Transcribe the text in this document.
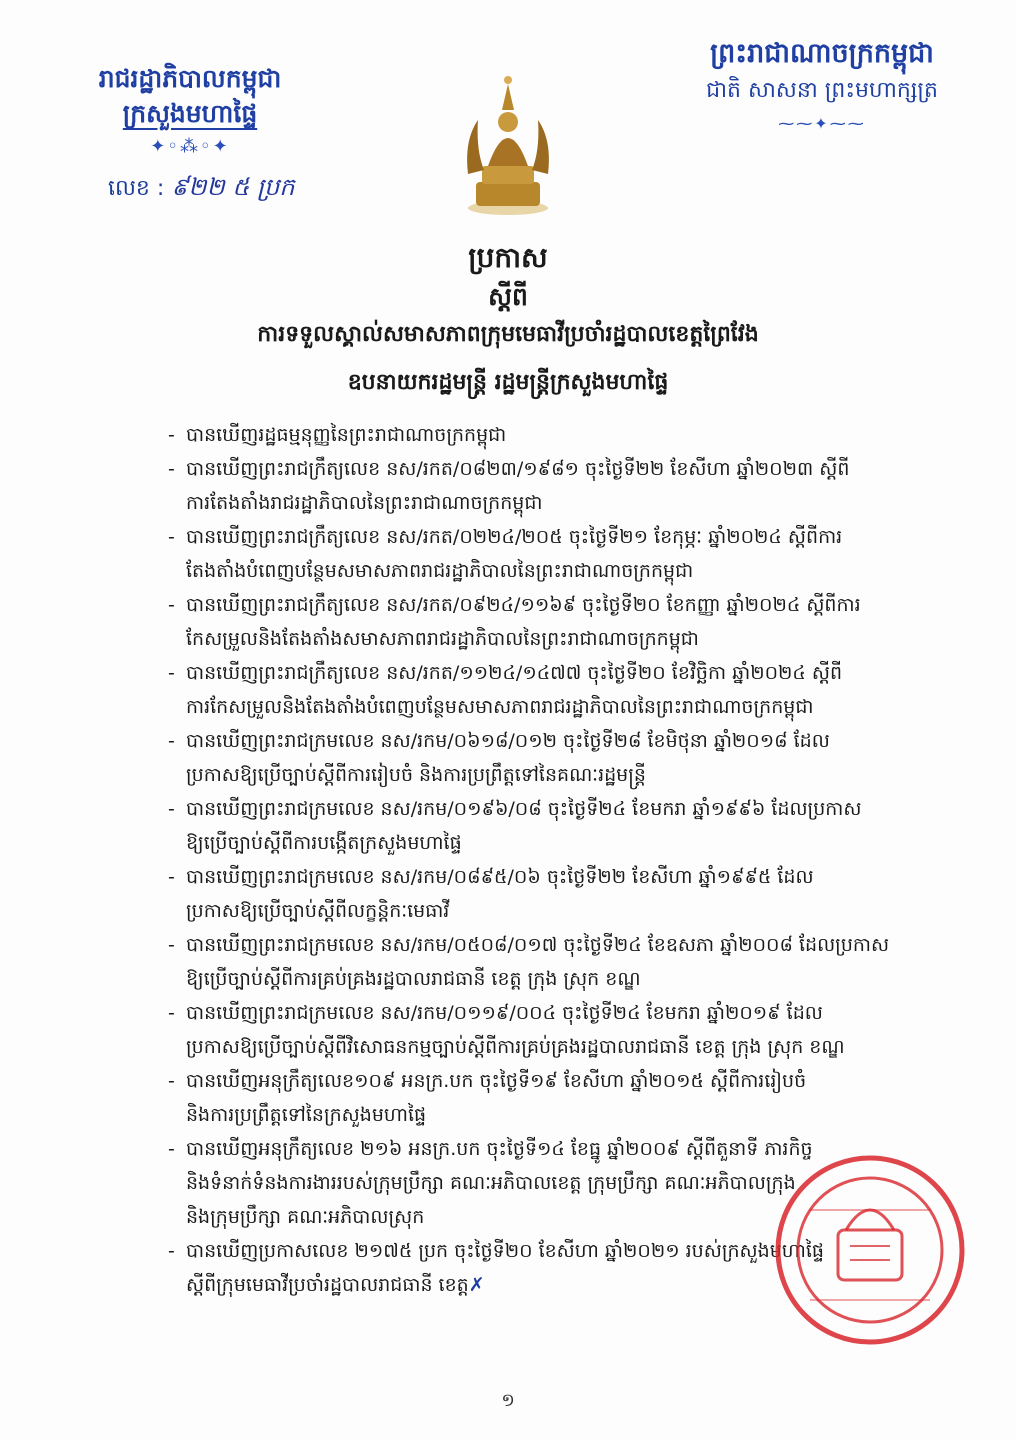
រាជរដ្ឋាភិបាលកម្ពុជា
ក្រសួងមហាផ្ទៃ
✦◦⁂◦✦
លេខ : ៩២២ ៥ ប្រក
ព្រះរាជាណាចក្រកម្ពុជា
ជាតិ សាសនា ព្រះមហាក្សត្រ
⁓⁓✦⁓⁓
ប្រកាស
ស្តីពី
ការទទួលស្គាល់សមាសភាពក្រុមមេធាវីប្រចាំរដ្ឋបាលខេត្តព្រៃវែង
ឧបនាយករដ្ឋមន្ត្រី រដ្ឋមន្ត្រីក្រសួងមហាផ្ទៃ
- បានឃើញរដ្ឋធម្មនុញ្ញនៃព្រះរាជាណាចក្រកម្ពុជា
- បានឃើញព្រះរាជក្រឹត្យលេខ នស/រកត/០៨២៣/១៩៨១ ចុះថ្ងៃទី២២ ខែសីហា ឆ្នាំ២០២៣ ស្តីពី
ការតែងតាំងរាជរដ្ឋាភិបាលនៃព្រះរាជាណាចក្រកម្ពុជា
- បានឃើញព្រះរាជក្រឹត្យលេខ នស/រកត/០២២៤/២០៥ ចុះថ្ងៃទី២១ ខែកុម្ភៈ ឆ្នាំ២០២៤ ស្តីពីការ
តែងតាំងបំពេញបន្ថែមសមាសភាពរាជរដ្ឋាភិបាលនៃព្រះរាជាណាចក្រកម្ពុជា
- បានឃើញព្រះរាជក្រឹត្យលេខ នស/រកត/០៩២៤/១១៦៩ ចុះថ្ងៃទី២០ ខែកញ្ញា ឆ្នាំ២០២៤ ស្តីពីការ
កែសម្រួលនិងតែងតាំងសមាសភាពរាជរដ្ឋាភិបាលនៃព្រះរាជាណាចក្រកម្ពុជា
- បានឃើញព្រះរាជក្រឹត្យលេខ នស/រកត/១១២៤/១៤៧៧ ចុះថ្ងៃទី២០ ខែវិច្ឆិកា ឆ្នាំ២០២៤ ស្តីពី
ការកែសម្រួលនិងតែងតាំងបំពេញបន្ថែមសមាសភាពរាជរដ្ឋាភិបាលនៃព្រះរាជាណាចក្រកម្ពុជា
- បានឃើញព្រះរាជក្រមលេខ នស/រកម/០៦១៨/០១២ ចុះថ្ងៃទី២៨ ខែមិថុនា ឆ្នាំ២០១៨ ដែល
ប្រកាសឱ្យប្រើច្បាប់ស្តីពីការរៀបចំ និងការប្រព្រឹត្តទៅនៃគណៈរដ្ឋមន្ត្រី
- បានឃើញព្រះរាជក្រមលេខ នស/រកម/០១៩៦/០៨ ចុះថ្ងៃទី២៤ ខែមករា ឆ្នាំ១៩៩៦ ដែលប្រកាស
ឱ្យប្រើច្បាប់ស្តីពីការបង្កើតក្រសួងមហាផ្ទៃ
- បានឃើញព្រះរាជក្រមលេខ នស/រកម/០៨៩៥/០៦ ចុះថ្ងៃទី២២ ខែសីហា ឆ្នាំ១៩៩៥ ដែល
ប្រកាសឱ្យប្រើច្បាប់ស្តីពីលក្ខន្តិកៈមេធាវី
- បានឃើញព្រះរាជក្រមលេខ នស/រកម/០៥០៨/០១៧ ចុះថ្ងៃទី២៤ ខែឧសភា ឆ្នាំ២០០៨ ដែលប្រកាស
ឱ្យប្រើច្បាប់ស្តីពីការគ្រប់គ្រងរដ្ឋបាលរាជធានី ខេត្ត ក្រុង ស្រុក ខណ្ឌ
- បានឃើញព្រះរាជក្រមលេខ នស/រកម/០១១៩/០០៤ ចុះថ្ងៃទី២៤ ខែមករា ឆ្នាំ២០១៩ ដែល
ប្រកាសឱ្យប្រើច្បាប់ស្តីពីវិសោធនកម្មច្បាប់ស្តីពីការគ្រប់គ្រងរដ្ឋបាលរាជធានី ខេត្ត ក្រុង ស្រុក ខណ្ឌ
- បានឃើញអនុក្រឹត្យលេខ១០៩ អនក្រ.បក ចុះថ្ងៃទី១៩ ខែសីហា ឆ្នាំ២០១៥ ស្តីពីការរៀបចំ
និងការប្រព្រឹត្តទៅនៃក្រសួងមហាផ្ទៃ
- បានឃើញអនុក្រឹត្យលេខ ២១៦ អនក្រ.បក ចុះថ្ងៃទី១៤ ខែធ្នូ ឆ្នាំ២០០៩ ស្តីពីតួនាទី ភារកិច្ច
និងទំនាក់ទំនងការងាររបស់ក្រុមប្រឹក្សា គណៈអភិបាលខេត្ត ក្រុមប្រឹក្សា គណៈអភិបាលក្រុង
និងក្រុមប្រឹក្សា គណៈអភិបាលស្រុក
- បានឃើញប្រកាសលេខ ២១៧៥ ប្រក ចុះថ្ងៃទី២០ ខែសីហា ឆ្នាំ២០២១ របស់ក្រសួងមហាផ្ទៃ
ស្តីពីក្រុមមេធាវីប្រចាំរដ្ឋបាលរាជធានី ខេត្ត✗
១
